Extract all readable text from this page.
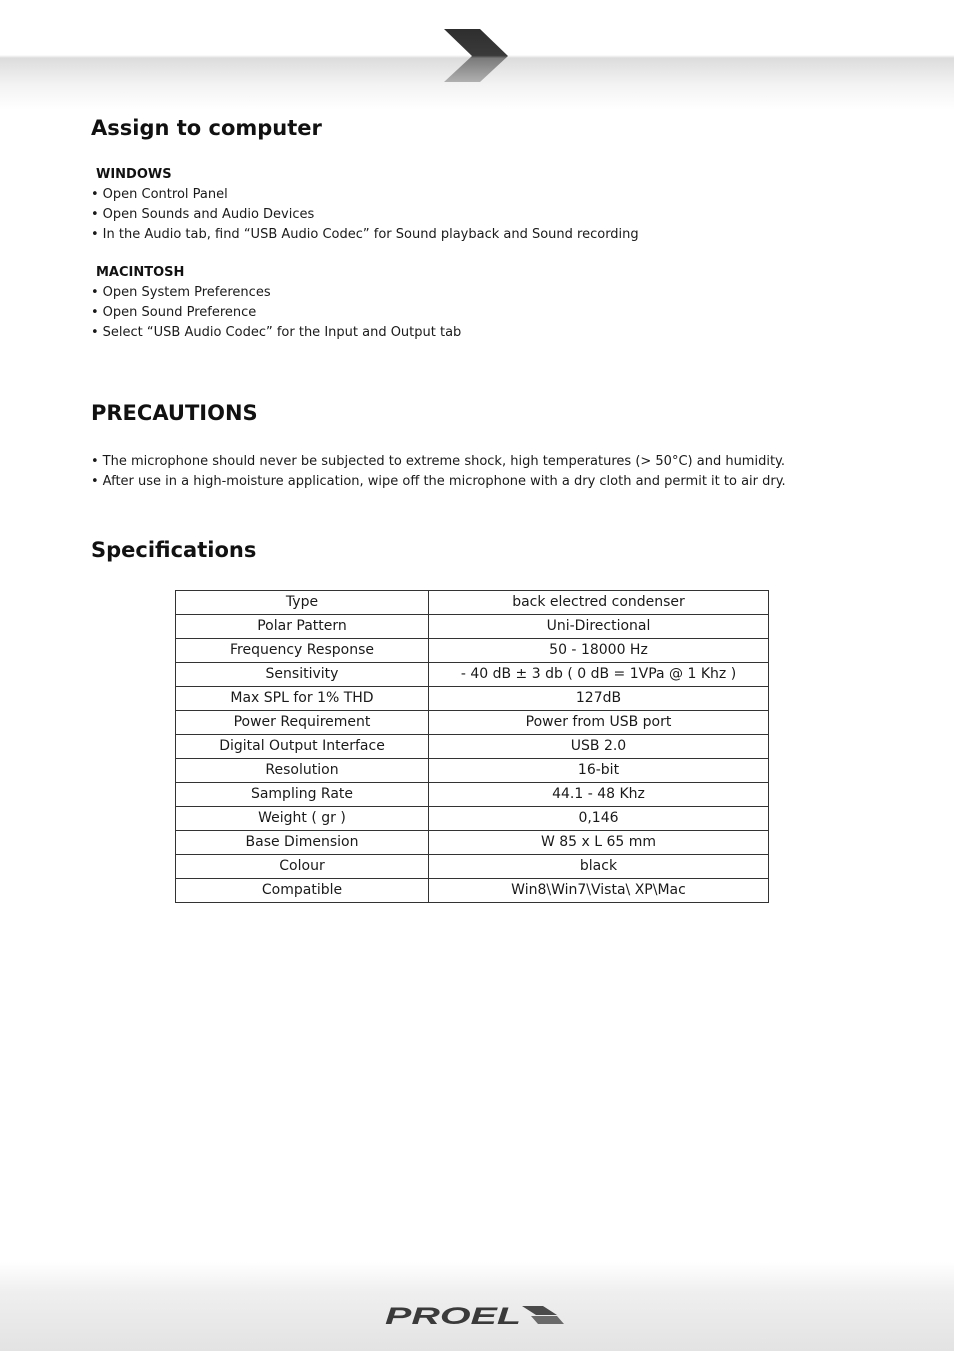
Assign to computer
WINDOWS
• Open Control Panel
• Open Sounds and Audio Devices
• In the Audio tab, find “USB Audio Codec” for Sound playback and Sound recording
MACINTOSH
• Open System Preferences
• Open Sound Preference
• Select “USB Audio Codec” for the Input and Output tab
PRECAUTIONS
• The microphone should never be subjected to extreme shock, high temperatures (> 50°C) and humidity.
• After use in a high-moisture application, wipe off the microphone with a dry cloth and permit it to air dry.
Specifications
Type	back electred condenser
Polar Pattern	Uni-Directional
Frequency Response	50 - 18000 Hz
Sensitivity	- 40 dB ± 3 db ( 0 dB = 1VPa @ 1 Khz )
Max SPL for 1% THD	127dB
Power Requirement	Power from USB port
Digital Output Interface	USB 2.0
Resolution	16-bit
Sampling Rate	44.1 - 48 Khz
Weight ( gr )	0,146
Base Dimension	W 85 x L 65 mm
Colour	black
Compatible	Win8\Win7\Vista\ XP\Mac
PROEL
